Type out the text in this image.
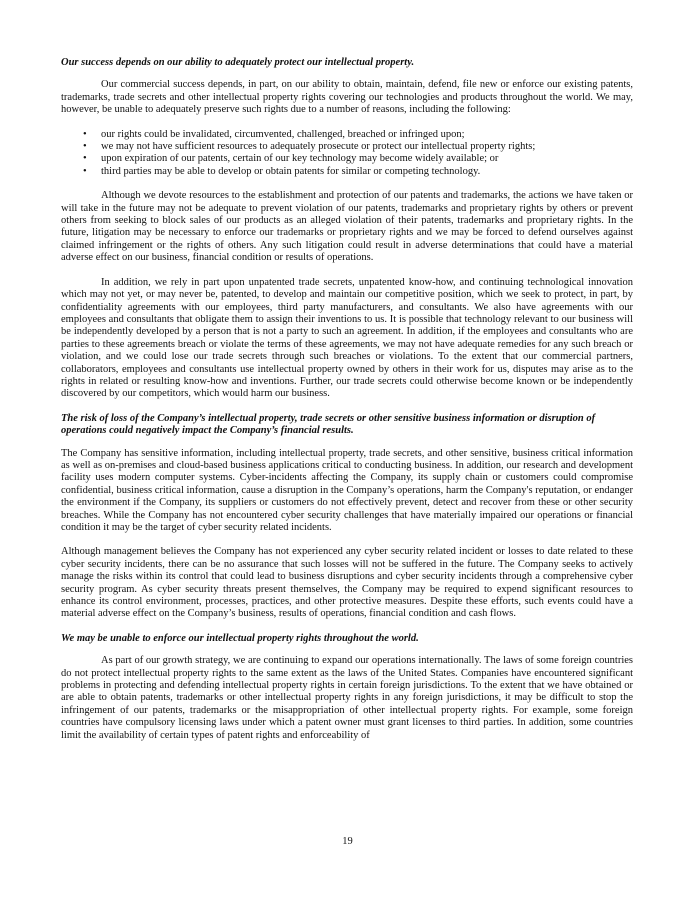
Our success depends on our ability to adequately protect our intellectual property.

Our commercial success depends, in part, on our ability to obtain, maintain, defend, file new or enforce our existing patents, trademarks, trade secrets and other intellectual property rights covering our technologies and products throughout the world. We may, however, be unable to adequately preserve such rights due to a number of reasons, including the following:

• our rights could be invalidated, circumvented, challenged, breached or infringed upon;
• we may not have sufficient resources to adequately prosecute or protect our intellectual property rights;
• upon expiration of our patents, certain of our key technology may become widely available; or
• third parties may be able to develop or obtain patents for similar or competing technology.

Although we devote resources to the establishment and protection of our patents and trademarks, the actions we have taken or will take in the future may not be adequate to prevent violation of our patents, trademarks and proprietary rights by others or prevent others from seeking to block sales of our products as an alleged violation of their patents, trademarks and proprietary rights. In the future, litigation may be necessary to enforce our trademarks or proprietary rights and we may be forced to defend ourselves against claimed infringement or the rights of others. Any such litigation could result in adverse determinations that could have a material adverse effect on our business, financial condition or results of operations.

In addition, we rely in part upon unpatented trade secrets, unpatented know-how, and continuing technological innovation which may not yet, or may never be, patented, to develop and maintain our competitive position, which we seek to protect, in part, by confidentiality agreements with our employees, third party manufacturers, and consultants. We also have agreements with our employees and consultants that obligate them to assign their inventions to us. It is possible that technology relevant to our business will be independently developed by a person that is not a party to such an agreement. In addition, if the employees and consultants who are parties to these agreements breach or violate the terms of these agreements, we may not have adequate remedies for any such breach or violation, and we could lose our trade secrets through such breaches or violations. To the extent that our commercial partners, collaborators, employees and consultants use intellectual property owned by others in their work for us, disputes may arise as to the rights in related or resulting know-how and inventions. Further, our trade secrets could otherwise become known or be independently discovered by our competitors, which would harm our business.

The risk of loss of the Company’s intellectual property, trade secrets or other sensitive business information or disruption of operations could negatively impact the Company’s financial results.

The Company has sensitive information, including intellectual property, trade secrets, and other sensitive, business critical information as well as on-premises and cloud-based business applications critical to conducting business. In addition, our research and development facility uses modern computer systems. Cyber-incidents affecting the Company, its supply chain or customers could compromise confidential, business critical information, cause a disruption in the Company’s operations, harm the Company's reputation, or endanger the environment if the Company, its suppliers or customers do not effectively prevent, detect and recover from these or other security breaches. While the Company has not encountered cyber security challenges that have materially impaired our operations or financial condition it may be the target of cyber security related incidents.

Although management believes the Company has not experienced any cyber security related incident or losses to date related to these cyber security incidents, there can be no assurance that such losses will not be suffered in the future. The Company seeks to actively manage the risks within its control that could lead to business disruptions and cyber security incidents through a comprehensive cyber security program. As cyber security threats present themselves, the Company may be required to expend significant resources to enhance its control environment, processes, practices, and other protective measures. Despite these efforts, such events could have a material adverse effect on the Company’s business, results of operations, financial condition and cash flows.

We may be unable to enforce our intellectual property rights throughout the world.

As part of our growth strategy, we are continuing to expand our operations internationally. The laws of some foreign countries do not protect intellectual property rights to the same extent as the laws of the United States. Companies have encountered significant problems in protecting and defending intellectual property rights in certain foreign jurisdictions. To the extent that we have obtained or are able to obtain patents, trademarks or other intellectual property rights in any foreign jurisdictions, it may be difficult to stop the infringement of our patents, trademarks or the misappropriation of other intellectual property rights. For example, some foreign countries have compulsory licensing laws under which a patent owner must grant licenses to third parties. In addition, some countries limit the availability of certain types of patent rights and enforceability of

19
